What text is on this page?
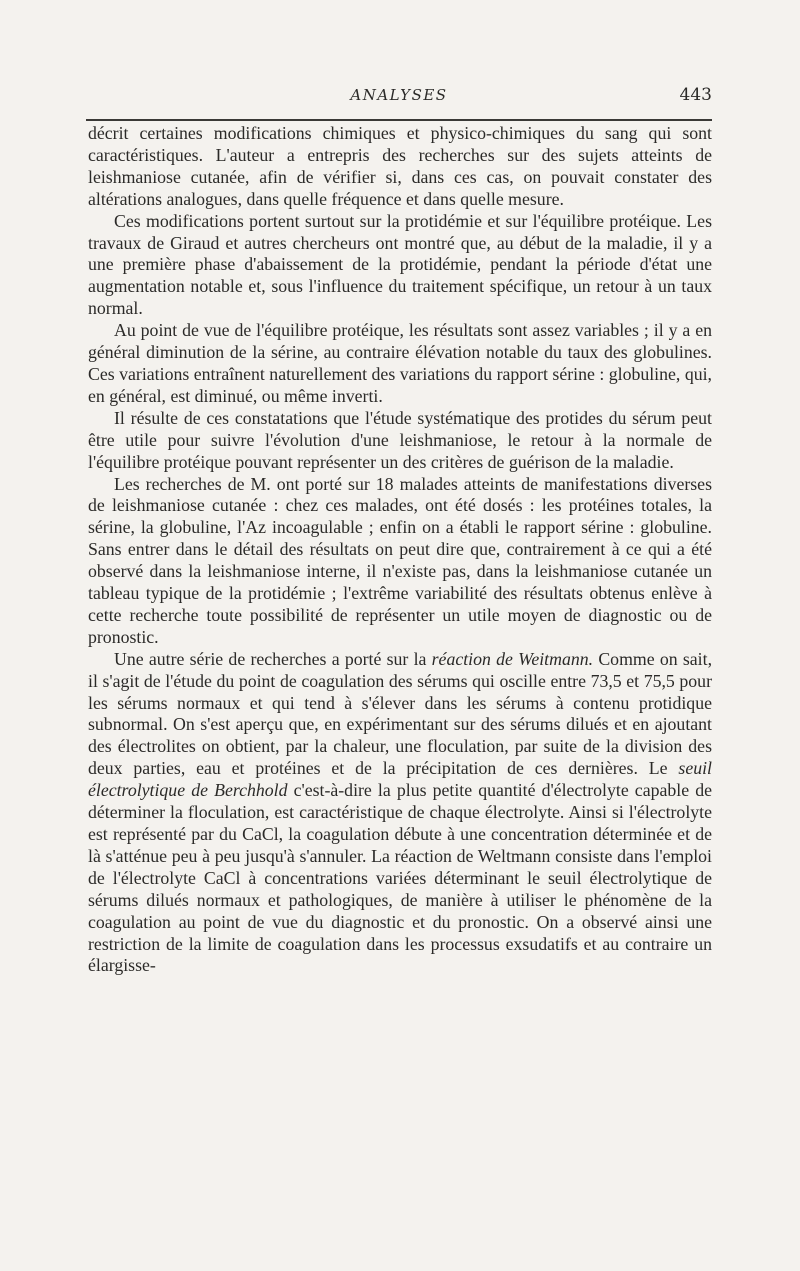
ANALYSES	443

décrit certaines modifications chimiques et physico-chimiques du sang qui sont caractéristiques. L'auteur a entrepris des recherches sur des sujets atteints de leishmaniose cutanée, afin de vérifier si, dans ces cas, on pouvait constater des altérations analogues, dans quelle fréquence et dans quelle mesure.

Ces modifications portent surtout sur la protidémie et sur l'équilibre protéique. Les travaux de Giraud et autres chercheurs ont montré que, au début de la maladie, il y a une première phase d'abaissement de la protidémie, pendant la période d'état une augmentation notable et, sous l'influence du traitement spécifique, un retour à un taux normal.

Au point de vue de l'équilibre protéique, les résultats sont assez variables ; il y a en général diminution de la sérine, au contraire élévation notable du taux des globulines. Ces variations entraînent naturellement des variations du rapport sérine : globuline, qui, en général, est diminué, ou même inverti.

Il résulte de ces constatations que l'étude systématique des protides du sérum peut être utile pour suivre l'évolution d'une leishmaniose, le retour à la normale de l'équilibre protéique pouvant représenter un des critères de guérison de la maladie.

Les recherches de M. ont porté sur 18 malades atteints de manifestations diverses de leishmaniose cutanée : chez ces malades, ont été dosés : les protéines totales, la sérine, la globuline, l'Az incoagulable ; enfin on a établi le rapport sérine : globuline. Sans entrer dans le détail des résultats on peut dire que, contrairement à ce qui a été observé dans la leishmaniose interne, il n'existe pas, dans la leishmaniose cutanée un tableau typique de la protidémie ; l'extrême variabilité des résultats obtenus enlève à cette recherche toute possibilité de représenter un utile moyen de diagnostic ou de pronostic.

Une autre série de recherches a porté sur la réaction de Weitmann. Comme on sait, il s'agit de l'étude du point de coagulation des sérums qui oscille entre 73,5 et 75,5 pour les sérums normaux et qui tend à s'élever dans les sérums à contenu protidique subnormal. On s'est aperçu que, en expérimentant sur des sérums dilués et en ajoutant des électrolites on obtient, par la chaleur, une floculation, par suite de la division des deux parties, eau et protéines et de la précipitation de ces dernières. Le seuil électrolytique de Berchhold c'est-à-dire la plus petite quantité d'électrolyte capable de déterminer la floculation, est caractéristique de chaque électrolyte. Ainsi si l'électrolyte est représenté par du CaCl, la coagulation débute à une concentration déterminée et de là s'atténue peu à peu jusqu'à s'annuler. La réaction de Weltmann consiste dans l'emploi de l'électrolyte CaCl à concentrations variées déterminant le seuil électrolytique de sérums dilués normaux et pathologiques, de manière à utiliser le phénomène de la coagulation au point de vue du diagnostic et du pronostic. On a observé ainsi une restriction de la limite de coagulation dans les processus exsudatifs et au contraire un élargisse-
